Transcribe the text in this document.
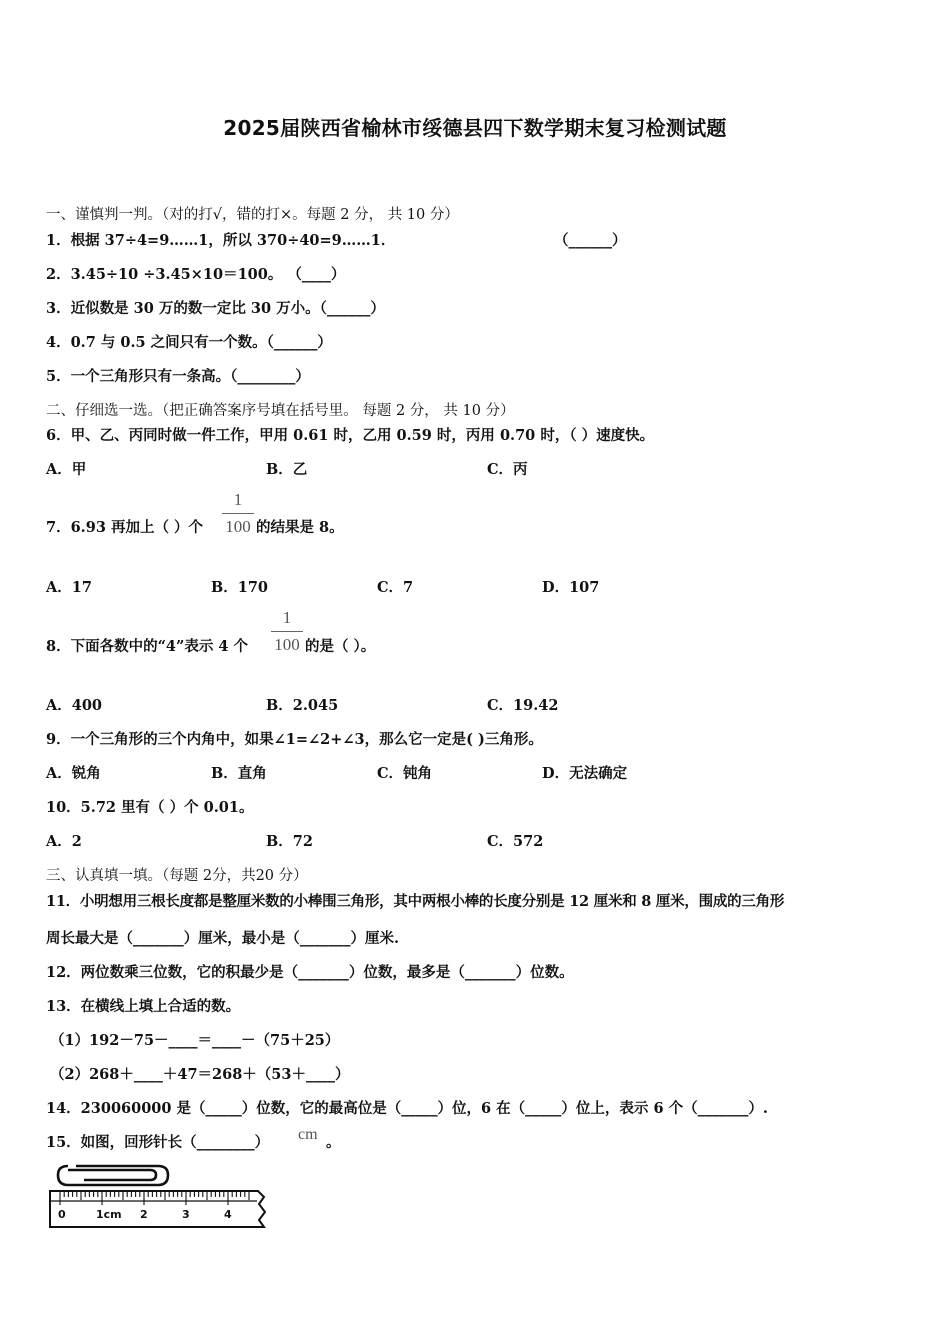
2025届陕西省榆林市绥德县四下数学期末复习检测试题
一、谨慎判一判。（对的打√，错的打×。每题 2 分， 共 10 分）
1．根据 37÷4=9……1，所以 370÷40=9……1．	（______）
2．3.45÷10 ÷3.45×10＝100。 （____）
3．近似数是 30 万的数一定比 30 万小。（______）
4．0.7 与 0.5 之间只有一个数。（______）
5．一个三角形只有一条高。（________）
二、仔细选一选。（把正确答案序号填在括号里。 每题 2 分， 共 10 分）
6．甲、乙、丙同时做一件工作，甲用 0.61 时，乙用 0.59 时，丙用 0.70 时，（ ）速度快。
A．甲	B．乙	C．丙
7．6.93 再加上（ ）个
1
100 的结果是 8。
A．17	B．170	C．7	D．107
8．下面各数中的“4”表示 4 个
1
100 的是（ ）。
A．400	B．2.045	C．19.42
9．一个三角形的三个内角中，如果∠1=∠2+∠3，那么它一定是( )三角形。
A．锐角	B．直角	C．钝角	D．无法确定
10．5.72 里有（ ）个 0.01。
A．2	B．72	C．572
三、认真填一填。（每题 2分，共20 分）
11．小明想用三根长度都是整厘米数的小棒围三角形，其中两根小棒的长度分别是 12 厘米和 8 厘米，围成的三角形
周长最大是（_______）厘米，最小是（_______）厘米.
12．两位数乘三位数，它的积最少是（_______）位数，最多是（_______）位数。
13．在横线上填上合适的数。
（1）192－75－____＝____－（75＋25）
（2）268＋____＋47＝268＋（53＋____）
14．230060000 是（_____）位数，它的最高位是（_____）位，6 在（_____）位上，表示 6 个（_______）.
15．如图，回形针长（________） cm 。
0	1cm 2	3	4
